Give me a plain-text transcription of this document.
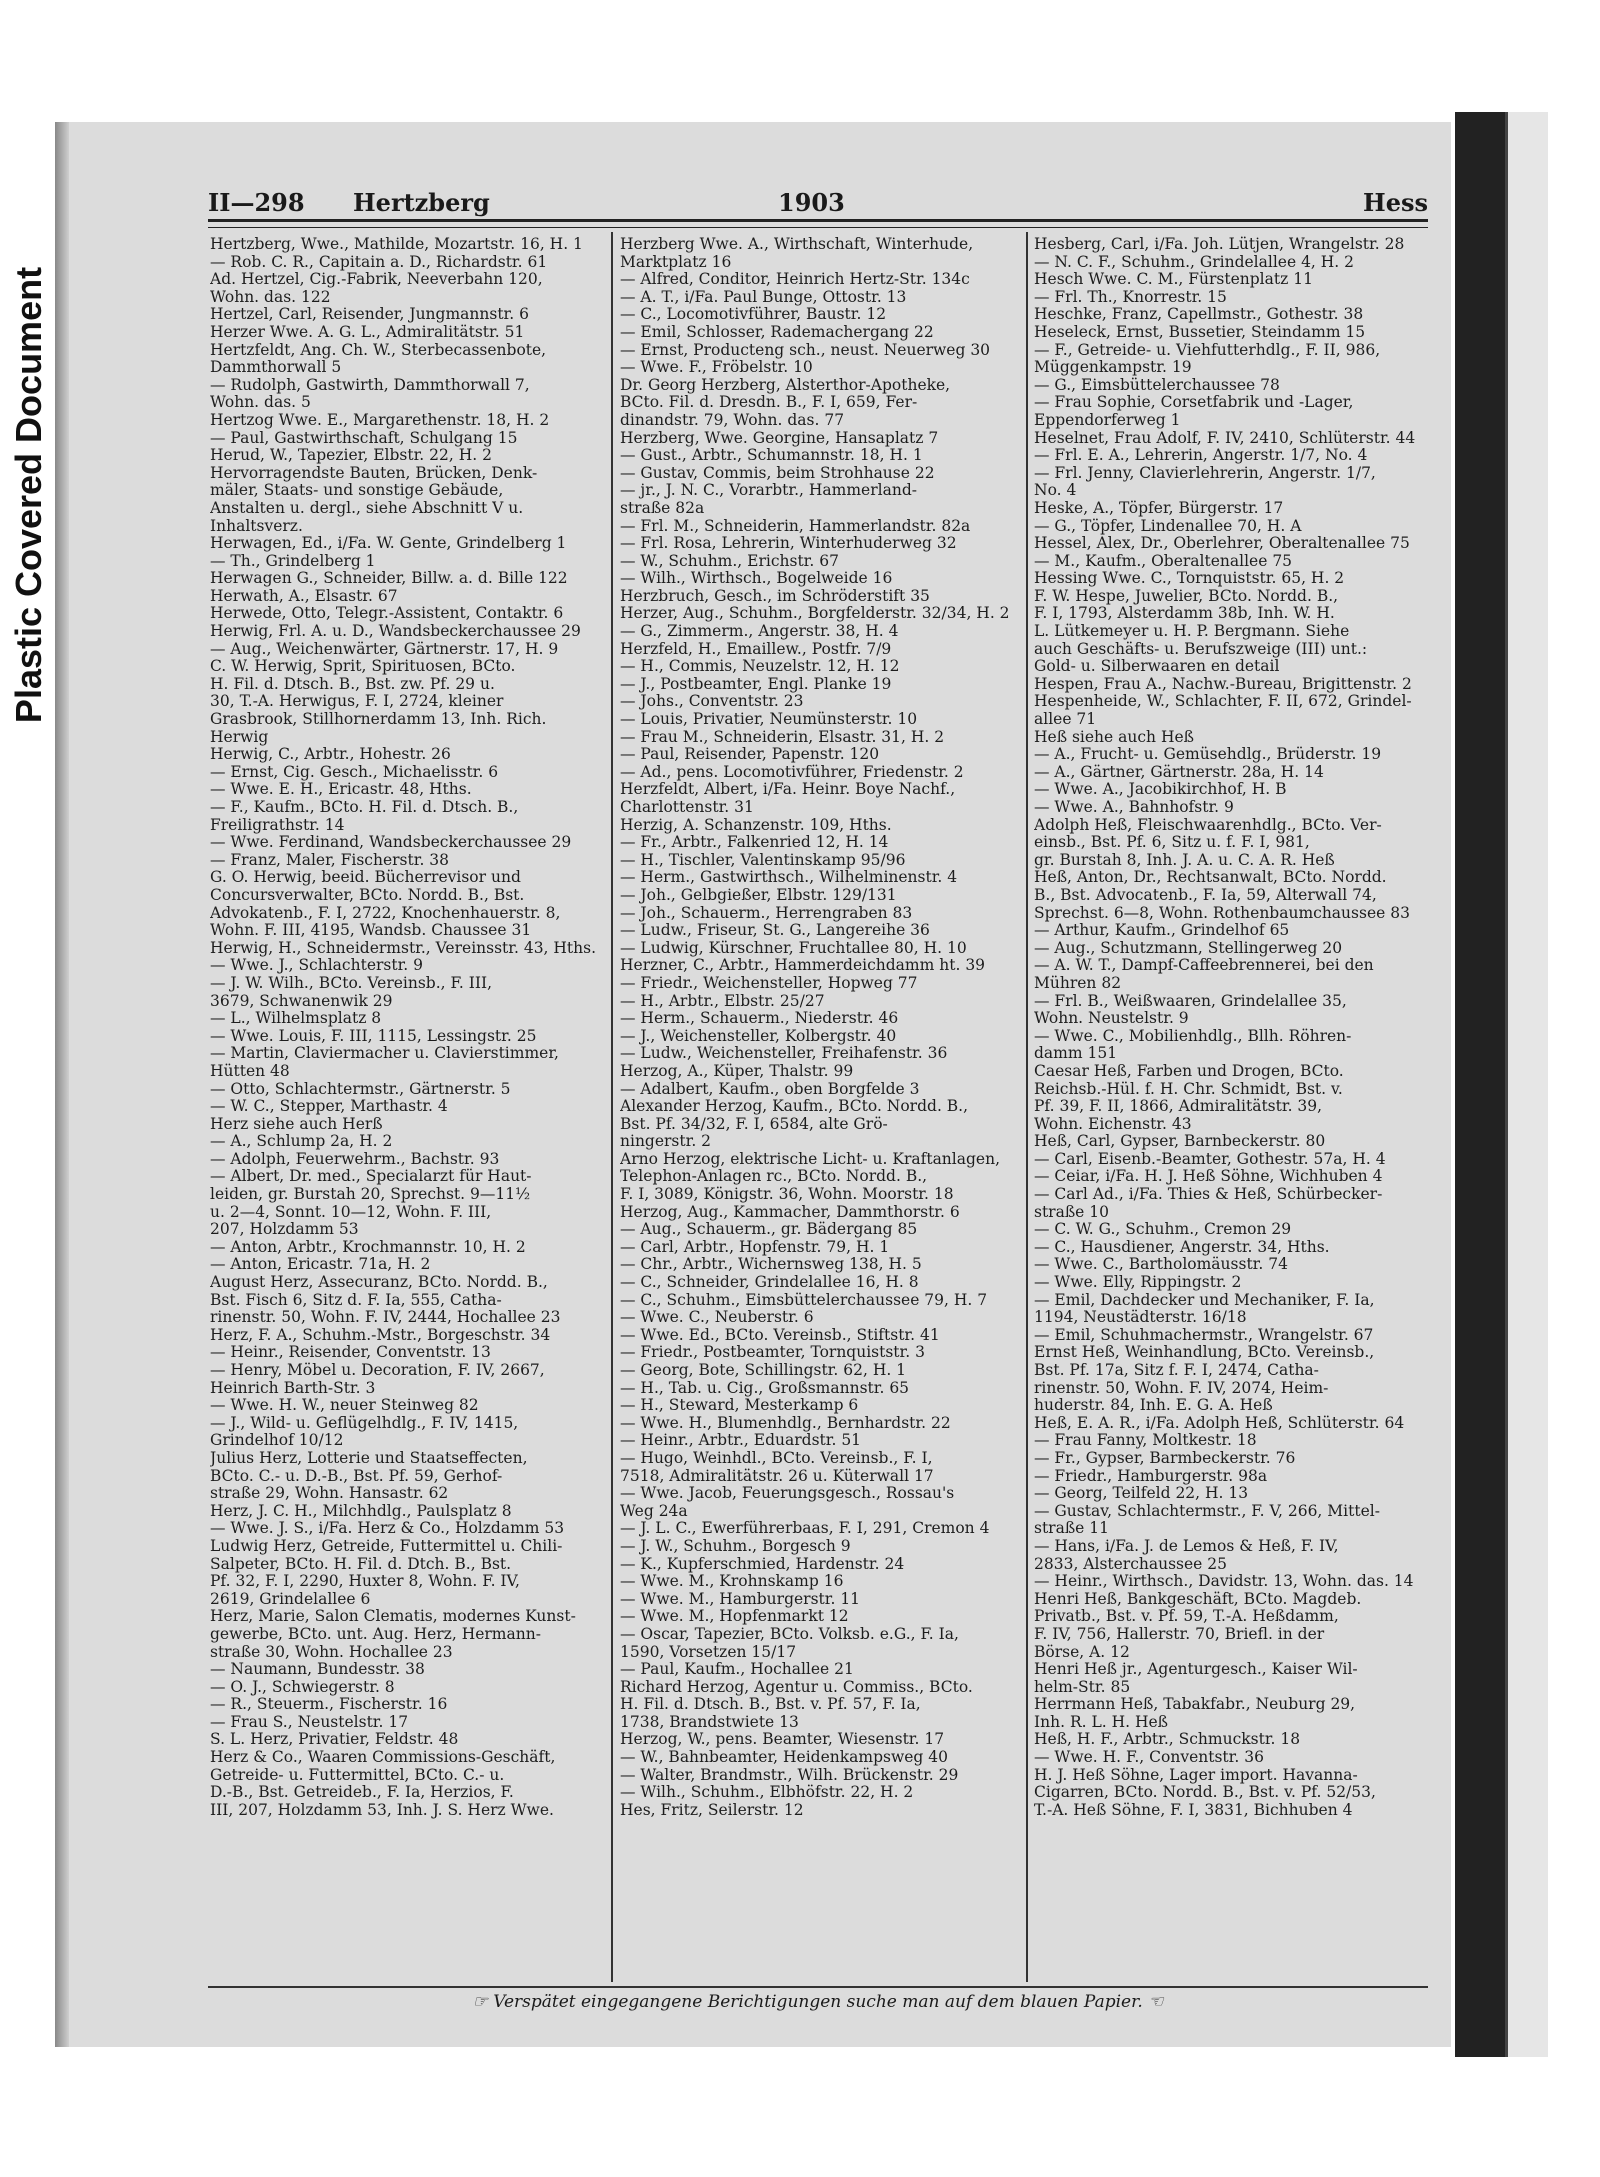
Plastic Covered Document
II—298 Hertzberg	1903	Hess
Hertzberg, Wwe., Mathilde, Mozartstr. 16, H. 1
— Rob. C. R., Capitain a. D., Richardstr. 61
Ad. Hertzel, Cig.-Fabrik, Neeverbahn 120,
Wohn. das. 122
Hertzel, Carl, Reisender, Jungmannstr. 6
Herzer Wwe. A. G. L., Admiralitätstr. 51
Hertzfeldt, Ang. Ch. W., Sterbecassenbote,
Dammthorwall 5
— Rudolph, Gastwirth, Dammthorwall 7,
Wohn. das. 5
Hertzog Wwe. E., Margarethenstr. 18, H. 2
— Paul, Gastwirthschaft, Schulgang 15
Herud, W., Tapezier, Elbstr. 22, H. 2
Hervorragendste Bauten, Brücken, Denk-
mäler, Staats- und sonstige Gebäude,
Anstalten u. dergl., siehe Abschnitt V u.
Inhaltsverz.
Herwagen, Ed., i/Fa. W. Gente, Grindelberg 1
— Th., Grindelberg 1
Herwagen G., Schneider, Billw. a. d. Bille 122
Herwath, A., Elsastr. 67
Herwede, Otto, Telegr.-Assistent, Contaktr. 6
Herwig, Frl. A. u. D., Wandsbeckerchaussee 29
— Aug., Weichenwärter, Gärtnerstr. 17, H. 9
C. W. Herwig, Sprit, Spirituosen, BCto.
H. Fil. d. Dtsch. B., Bst. zw. Pf. 29 u.
30, T.-A. Herwigus, F. I, 2724, kleiner
Grasbrook, Stillhornerdamm 13, Inh. Rich.
Herwig
Herwig, C., Arbtr., Hohestr. 26
— Ernst, Cig. Gesch., Michaelisstr. 6
— Wwe. E. H., Ericastr. 48, Hths.
— F., Kaufm., BCto. H. Fil. d. Dtsch. B.,
Freiligrathstr. 14
— Wwe. Ferdinand, Wandsbeckerchaussee 29
— Franz, Maler, Fischerstr. 38
G. O. Herwig, beeid. Bücherrevisor und
Concursverwalter, BCto. Nordd. B., Bst.
Advokatenb., F. I, 2722, Knochenhauerstr. 8,
Wohn. F. III, 4195, Wandsb. Chaussee 31
Herwig, H., Schneidermstr., Vereinsstr. 43, Hths.
— Wwe. J., Schlachterstr. 9
— J. W. Wilh., BCto. Vereinsb., F. III,
3679, Schwanenwik 29
— L., Wilhelmsplatz 8
— Wwe. Louis, F. III, 1115, Lessingstr. 25
— Martin, Claviermacher u. Clavierstimmer,
Hütten 48
— Otto, Schlachtermstr., Gärtnerstr. 5
— W. C., Stepper, Marthastr. 4
Herz siehe auch Herß
— A., Schlump 2a, H. 2
— Adolph, Feuerwehrm., Bachstr. 93
— Albert, Dr. med., Specialarzt für Haut-
leiden, gr. Burstah 20, Sprechst. 9—11½
u. 2—4, Sonnt. 10—12, Wohn. F. III,
207, Holzdamm 53
— Anton, Arbtr., Krochmannstr. 10, H. 2
— Anton, Ericastr. 71a, H. 2
August Herz, Assecuranz, BCto. Nordd. B.,
Bst. Fisch 6, Sitz d. F. Ia, 555, Catha-
rinenstr. 50, Wohn. F. IV, 2444, Hochallee 23
Herz, F. A., Schuhm.-Mstr., Borgeschstr. 34
— Heinr., Reisender, Conventstr. 13
— Henry, Möbel u. Decoration, F. IV, 2667,
Heinrich Barth-Str. 3
— Wwe. H. W., neuer Steinweg 82
— J., Wild- u. Geflügelhdlg., F. IV, 1415,
Grindelhof 10/12
Julius Herz, Lotterie und Staatseffecten,
BCto. C.- u. D.-B., Bst. Pf. 59, Gerhof-
straße 29, Wohn. Hansastr. 62
Herz, J. C. H., Milchhdlg., Paulsplatz 8
— Wwe. J. S., i/Fa. Herz & Co., Holzdamm 53
Ludwig Herz, Getreide, Futtermittel u. Chili-
Salpeter, BCto. H. Fil. d. Dtch. B., Bst.
Pf. 32, F. I, 2290, Huxter 8, Wohn. F. IV,
2619, Grindelallee 6
Herz, Marie, Salon Clematis, modernes Kunst-
gewerbe, BCto. unt. Aug. Herz, Hermann-
straße 30, Wohn. Hochallee 23
— Naumann, Bundesstr. 38
— O. J., Schwiegerstr. 8
— R., Steuerm., Fischerstr. 16
— Frau S., Neustelstr. 17
S. L. Herz, Privatier, Feldstr. 48
Herz & Co., Waaren Commissions-Geschäft,
Getreide- u. Futtermittel, BCto. C.- u.
D.-B., Bst. Getreideb., F. Ia, Herzios, F.
III, 207, Holzdamm 53, Inh. J. S. Herz Wwe.
Herzberg Wwe. A., Wirthschaft, Winterhude,
Marktplatz 16
— Alfred, Conditor, Heinrich Hertz-Str. 134c
— A. T., i/Fa. Paul Bunge, Ottostr. 13
— C., Locomotivführer, Baustr. 12
— Emil, Schlosser, Rademachergang 22
— Ernst, Producteng sch., neust. Neuerweg 30
— Wwe. F., Fröbelstr. 10
Dr. Georg Herzberg, Alsterthor-Apotheke,
BCto. Fil. d. Dresdn. B., F. I, 659, Fer-
dinandstr. 79, Wohn. das. 77
Herzberg, Wwe. Georgine, Hansaplatz 7
— Gust., Arbtr., Schumannstr. 18, H. 1
— Gustav, Commis, beim Strohhause 22
— jr., J. N. C., Vorarbtr., Hammerland-
straße 82a
— Frl. M., Schneiderin, Hammerlandstr. 82a
— Frl. Rosa, Lehrerin, Winterhuderweg 32
— W., Schuhm., Erichstr. 67
— Wilh., Wirthsch., Bogelweide 16
Herzbruch, Gesch., im Schröderstift 35
Herzer, Aug., Schuhm., Borgfelderstr. 32/34, H. 2
— G., Zimmerm., Angerstr. 38, H. 4
Herzfeld, H., Emaillew., Postfr. 7/9
— H., Commis, Neuzelstr. 12, H. 12
— J., Postbeamter, Engl. Planke 19
— Johs., Conventstr. 23
— Louis, Privatier, Neumünsterstr. 10
— Frau M., Schneiderin, Elsastr. 31, H. 2
— Paul, Reisender, Papenstr. 120
— Ad., pens. Locomotivführer, Friedenstr. 2
Herzfeldt, Albert, i/Fa. Heinr. Boye Nachf.,
Charlottenstr. 31
Herzig, A. Schanzenstr. 109, Hths.
— Fr., Arbtr., Falkenried 12, H. 14
— H., Tischler, Valentinskamp 95/96
— Herm., Gastwirthsch., Wilhelminenstr. 4
— Joh., Gelbgießer, Elbstr. 129/131
— Joh., Schauerm., Herrengraben 83
— Ludw., Friseur, St. G., Langereihe 36
— Ludwig, Kürschner, Fruchtallee 80, H. 10
Herzner, C., Arbtr., Hammerdeichdamm ht. 39
— Friedr., Weichensteller, Hopweg 77
— H., Arbtr., Elbstr. 25/27
— Herm., Schauerm., Niederstr. 46
— J., Weichensteller, Kolbergstr. 40
— Ludw., Weichensteller, Freihafenstr. 36
Herzog, A., Küper, Thalstr. 99
— Adalbert, Kaufm., oben Borgfelde 3
Alexander Herzog, Kaufm., BCto. Nordd. B.,
Bst. Pf. 34/32, F. I, 6584, alte Grö-
ningerstr. 2
Arno Herzog, elektrische Licht- u. Kraftanlagen,
Telephon-Anlagen rc., BCto. Nordd. B.,
F. I, 3089, Königstr. 36, Wohn. Moorstr. 18
Herzog, Aug., Kammacher, Dammthorstr. 6
— Aug., Schauerm., gr. Bädergang 85
— Carl, Arbtr., Hopfenstr. 79, H. 1
— Chr., Arbtr., Wichernsweg 138, H. 5
— C., Schneider, Grindelallee 16, H. 8
— C., Schuhm., Eimsbüttelerchaussee 79, H. 7
— Wwe. C., Neuberstr. 6
— Wwe. Ed., BCto. Vereinsb., Stiftstr. 41
— Friedr., Postbeamter, Tornquiststr. 3
— Georg, Bote, Schillingstr. 62, H. 1
— H., Tab. u. Cig., Großsmannstr. 65
— H., Steward, Mesterkamp 6
— Wwe. H., Blumenhdlg., Bernhardstr. 22
— Heinr., Arbtr., Eduardstr. 51
— Hugo, Weinhdl., BCto. Vereinsb., F. I,
7518, Admiralitätstr. 26 u. Küterwall 17
— Wwe. Jacob, Feuerungsgesch., Rossau's
Weg 24a
— J. L. C., Ewerführerbaas, F. I, 291, Cremon 4
— J. W., Schuhm., Borgesch 9
— K., Kupferschmied, Hardenstr. 24
— Wwe. M., Krohnskamp 16
— Wwe. M., Hamburgerstr. 11
— Wwe. M., Hopfenmarkt 12
— Oscar, Tapezier, BCto. Volksb. e.G., F. Ia,
1590, Vorsetzen 15/17
— Paul, Kaufm., Hochallee 21
Richard Herzog, Agentur u. Commiss., BCto.
H. Fil. d. Dtsch. B., Bst. v. Pf. 57, F. Ia,
1738, Brandstwiete 13
Herzog, W., pens. Beamter, Wiesenstr. 17
— W., Bahnbeamter, Heidenkampsweg 40
— Walter, Brandmstr., Wilh. Brückenstr. 29
— Wilh., Schuhm., Elbhöfstr. 22, H. 2
Hes, Fritz, Seilerstr. 12
Hesberg, Carl, i/Fa. Joh. Lütjen, Wrangelstr. 28
— N. C. F., Schuhm., Grindelallee 4, H. 2
Hesch Wwe. C. M., Fürstenplatz 11
— Frl. Th., Knorrestr. 15
Heschke, Franz, Capellmstr., Gothestr. 38
Heseleck, Ernst, Bussetier, Steindamm 15
— F., Getreide- u. Viehfutterhdlg., F. II, 986,
Müggenkampstr. 19
— G., Eimsbüttelerchaussee 78
— Frau Sophie, Corsetfabrik und -Lager,
Eppendorferweg 1
Heselnet, Frau Adolf, F. IV, 2410, Schlüterstr. 44
— Frl. E. A., Lehrerin, Angerstr. 1/7, No. 4
— Frl. Jenny, Clavierlehrerin, Angerstr. 1/7,
No. 4
Heske, A., Töpfer, Bürgerstr. 17
— G., Töpfer, Lindenallee 70, H. A
Hessel, Alex, Dr., Oberlehrer, Oberaltenallee 75
— M., Kaufm., Oberaltenallee 75
Hessing Wwe. C., Tornquiststr. 65, H. 2
F. W. Hespe, Juwelier, BCto. Nordd. B.,
F. I, 1793, Alsterdamm 38b, Inh. W. H.
L. Lütkemeyer u. H. P. Bergmann. Siehe
auch Geschäfts- u. Berufszweige (III) unt.:
Gold- u. Silberwaaren en detail
Hespen, Frau A., Nachw.-Bureau, Brigittenstr. 2
Hespenheide, W., Schlachter, F. II, 672, Grindel-
allee 71
Heß siehe auch Heß
— A., Frucht- u. Gemüsehdlg., Brüderstr. 19
— A., Gärtner, Gärtnerstr. 28a, H. 14
— Wwe. A., Jacobikirchhof, H. B
— Wwe. A., Bahnhofstr. 9
Adolph Heß, Fleischwaarenhdlg., BCto. Ver-
einsb., Bst. Pf. 6, Sitz u. f. F. I, 981,
gr. Burstah 8, Inh. J. A. u. C. A. R. Heß
Heß, Anton, Dr., Rechtsanwalt, BCto. Nordd.
B., Bst. Advocatenb., F. Ia, 59, Alterwall 74,
Sprechst. 6—8, Wohn. Rothenbaumchaussee 83
— Arthur, Kaufm., Grindelhof 65
— Aug., Schutzmann, Stellingerweg 20
— A. W. T., Dampf-Caffeebrennerei, bei den
Mühren 82
— Frl. B., Weißwaaren, Grindelallee 35,
Wohn. Neustelstr. 9
— Wwe. C., Mobilienhdlg., Bllh. Röhren-
damm 151
Caesar Heß, Farben und Drogen, BCto.
Reichsb.-Hül. f. H. Chr. Schmidt, Bst. v.
Pf. 39, F. II, 1866, Admiralitätstr. 39,
Wohn. Eichenstr. 43
Heß, Carl, Gypser, Barnbeckerstr. 80
— Carl, Eisenb.-Beamter, Gothestr. 57a, H. 4
— Ceiar, i/Fa. H. J. Heß Söhne, Wichhuben 4
— Carl Ad., i/Fa. Thies & Heß, Schürbecker-
straße 10
— C. W. G., Schuhm., Cremon 29
— C., Hausdiener, Angerstr. 34, Hths.
— Wwe. C., Bartholomäusstr. 74
— Wwe. Elly, Rippingstr. 2
— Emil, Dachdecker und Mechaniker, F. Ia,
1194, Neustädterstr. 16/18
— Emil, Schuhmachermstr., Wrangelstr. 67
Ernst Heß, Weinhandlung, BCto. Vereinsb.,
Bst. Pf. 17a, Sitz f. F. I, 2474, Catha-
rinenstr. 50, Wohn. F. IV, 2074, Heim-
huderstr. 84, Inh. E. G. A. Heß
Heß, E. A. R., i/Fa. Adolph Heß, Schlüterstr. 64
— Frau Fanny, Moltkestr. 18
— Fr., Gypser, Barmbeckerstr. 76
— Friedr., Hamburgerstr. 98a
— Georg, Teilfeld 22, H. 13
— Gustav, Schlachtermstr., F. V, 266, Mittel-
straße 11
— Hans, i/Fa. J. de Lemos & Heß, F. IV,
2833, Alsterchaussee 25
— Heinr., Wirthsch., Davidstr. 13, Wohn. das. 14
Henri Heß, Bankgeschäft, BCto. Magdeb.
Privatb., Bst. v. Pf. 59, T.-A. Heßdamm,
F. IV, 756, Hallerstr. 70, Briefl. in der
Börse, A. 12
Henri Heß jr., Agenturgesch., Kaiser Wil-
helm-Str. 85
Herrmann Heß, Tabakfabr., Neuburg 29,
Inh. R. L. H. Heß
Heß, H. F., Arbtr., Schmuckstr. 18
— Wwe. H. F., Conventstr. 36
H. J. Heß Söhne, Lager import. Havanna-
Cigarren, BCto. Nordd. B., Bst. v. Pf. 52/53,
T.-A. Heß Söhne, F. I, 3831, Bichhuben 4
☞ Verspätet eingegangene Berichtigungen suche man auf dem blauen Papier. ☜
